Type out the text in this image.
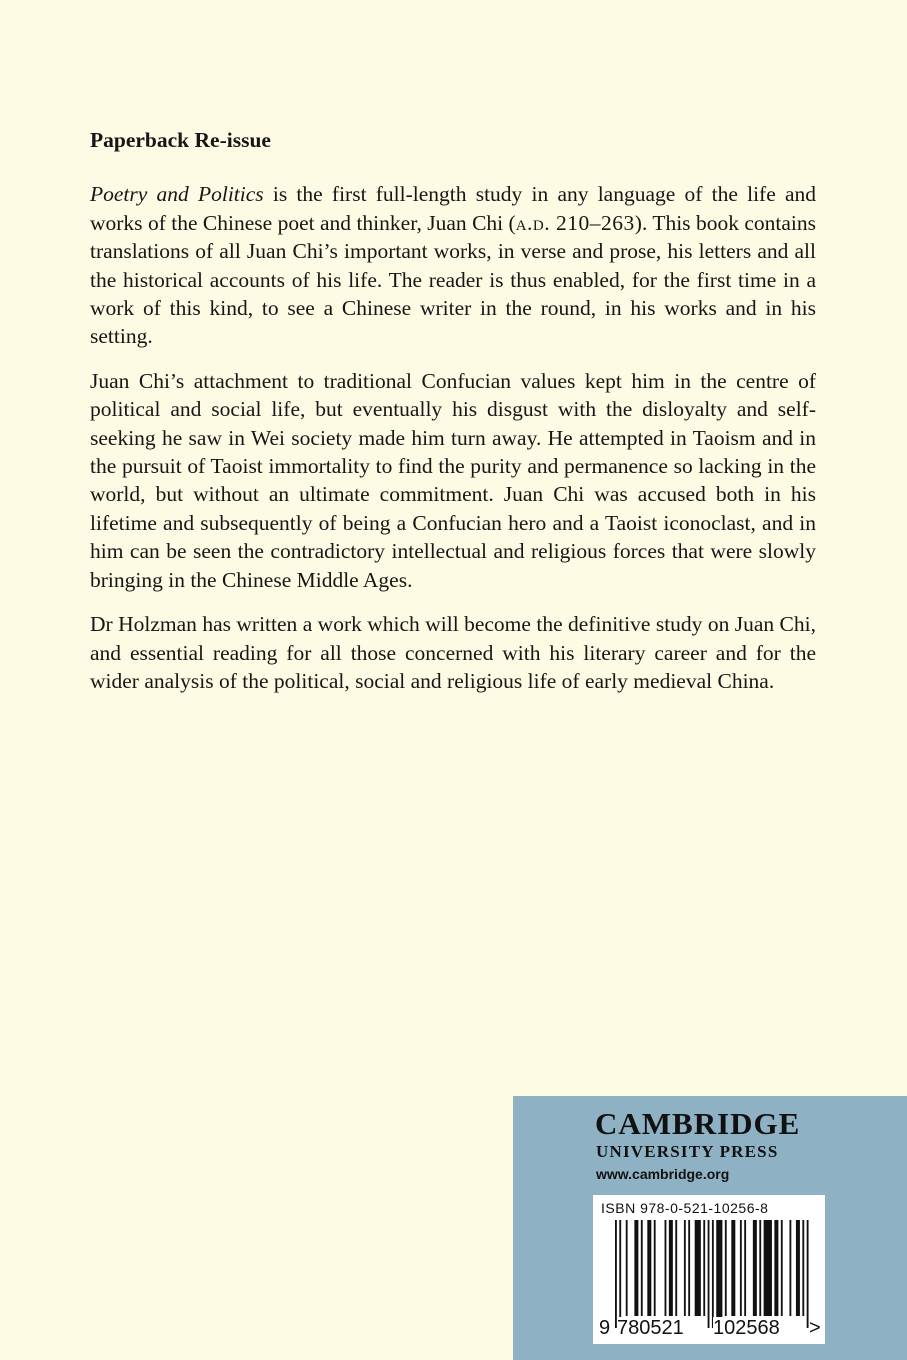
Paperback Re-issue

Poetry and Politics is the first full-length study in any language of the life and works of the Chinese poet and thinker, Juan Chi (a.d. 210–263). This book contains translations of all Juan Chi’s important works, in verse and prose, his letters and all the historical accounts of his life. The reader is thus enabled, for the first time in a work of this kind, to see a Chinese writer in the round, in his works and in his setting.

Juan Chi’s attachment to traditional Confucian values kept him in the centre of political and social life, but eventually his disgust with the disloyalty and self-seeking he saw in Wei society made him turn away. He attempted in Taoism and in the pursuit of Taoist immortality to find the purity and permanence so lacking in the world, but without an ultimate commitment. Juan Chi was accused both in his lifetime and subsequently of being a Confucian hero and a Taoist iconoclast, and in him can be seen the contradictory intellectual and religious forces that were slowly bringing in the Chinese Middle Ages.

Dr Holzman has written a work which will become the definitive study on Juan Chi, and essential reading for all those concerned with his literary career and for the wider analysis of the political, social and religious life of early medieval China.

CAMBRIDGE
UNIVERSITY PRESS
www.cambridge.org
ISBN 978-0-521-10256-8
9 780521 102568 >
